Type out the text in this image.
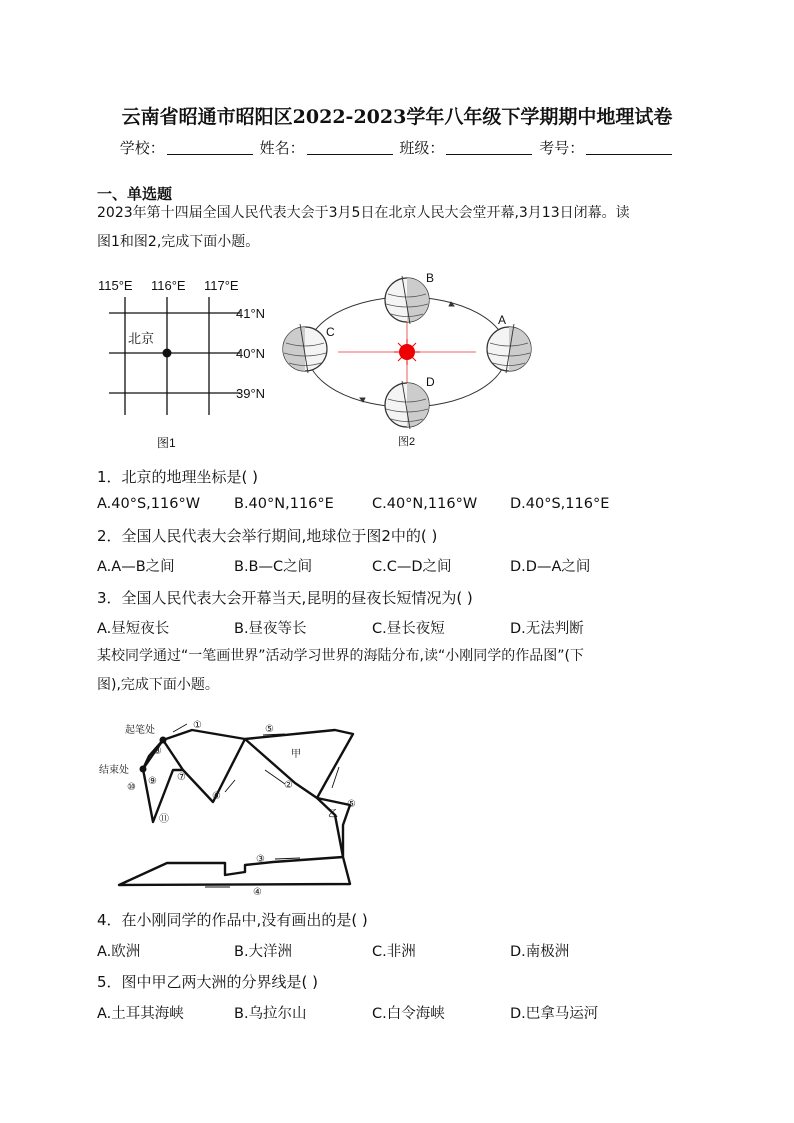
云南省昭通市昭阳区2022-2023学年八年级下学期期中地理试卷
学校：	姓名：	班级：	考号：
一、单选题
2023年第十四届全国人民代表大会于3月5日在北京人民大会堂开幕,3月13日闭幕。读
图1和图2,完成下面小题。
115°E 116°E 117°E
41°N
40°N
39°N
北京
图1
A
B
C
D
图2
1．北京的地理坐标是( )
A.40°S,116°W B.40°N,116°E	C.40°N,116°W D.40°S,116°E
2．全国人民代表大会举行期间,地球位于图2中的( )
A.A—B之间	B.B—C之间	C.C—D之间	D.D—A之间
3．全国人民代表大会开幕当天,昆明的昼夜长短情况为( )
A.昼短夜长	B.昼夜等长	C.昼长夜短	D.无法判断
某校同学通过“一笔画世界”活动学习世界的海陆分布,读“小刚同学的作品图”(下
图),完成下面小题。
起笔处
结束处
甲
乙
①
②
③
④
⑤
⑤
⑥
⑦
⑧
⑨
⑩
⑪
4．在小刚同学的作品中,没有画出的是( )
A.欧洲	B.大洋洲	C.非洲	D.南极洲
5．图中甲乙两大洲的分界线是( )
A.土耳其海峡	B.乌拉尔山	C.白令海峡	D.巴拿马运河
